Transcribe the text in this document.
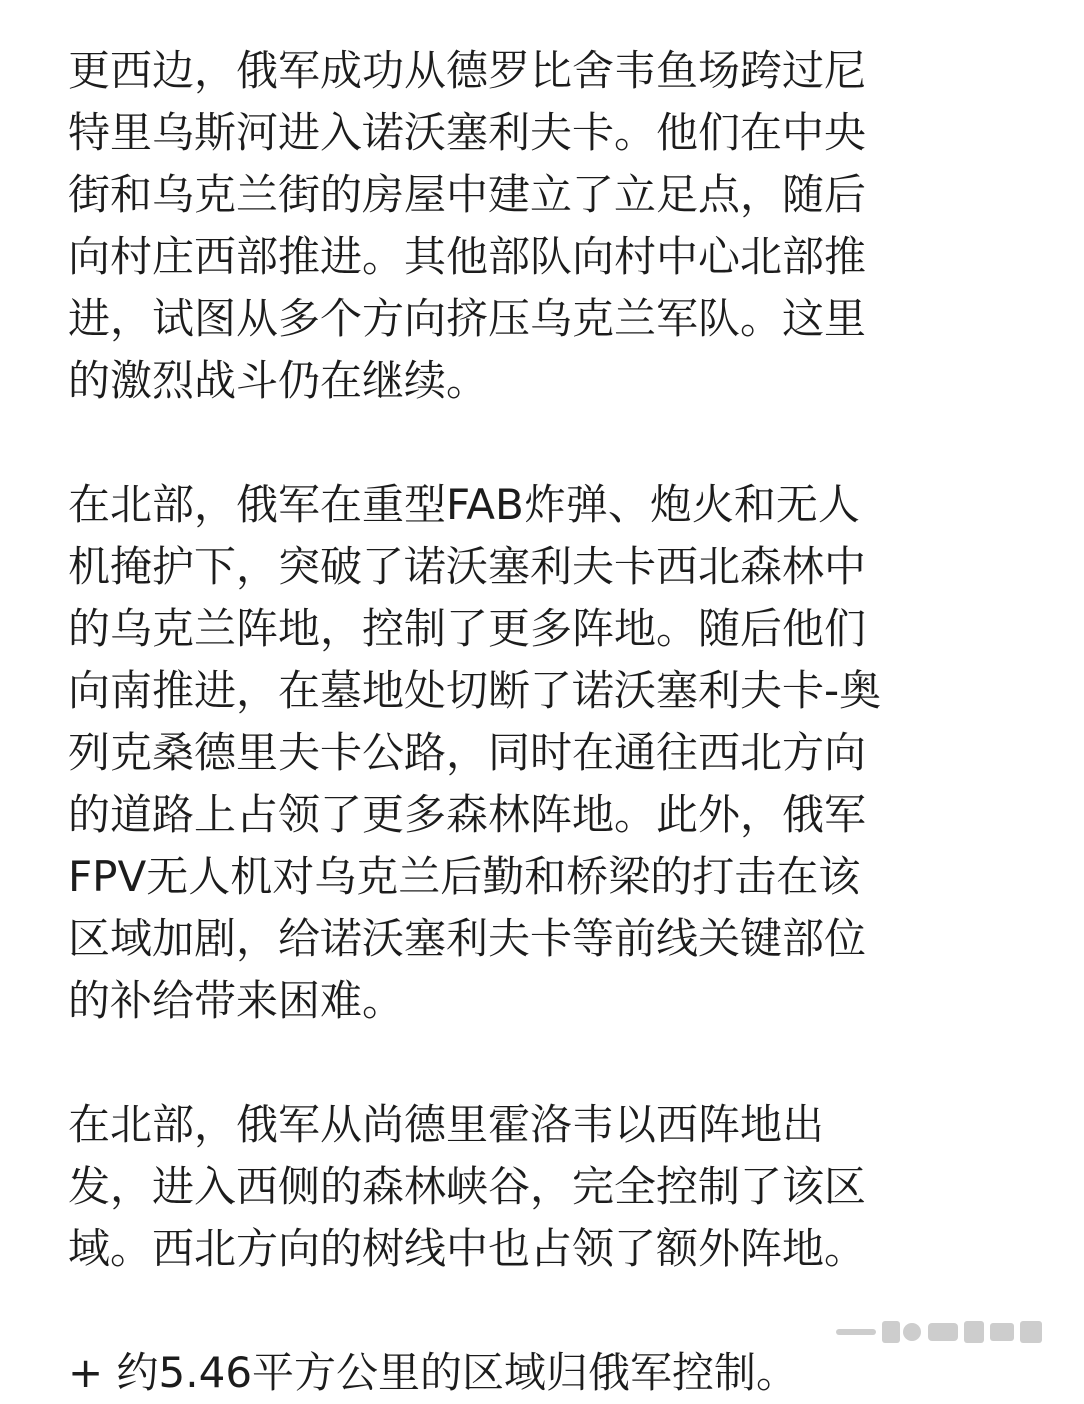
更西边，俄军成功从德罗比舍韦鱼场跨过尼
特里乌斯河进入诺沃塞利夫卡。他们在中央
街和乌克兰街的房屋中建立了立足点，随后
向村庄西部推进。其他部队向村中心北部推
进，试图从多个方向挤压乌克兰军队。这里
的激烈战斗仍在继续。
在北部，俄军在重型FAB炸弹、炮火和无人
机掩护下，突破了诺沃塞利夫卡西北森林中
的乌克兰阵地，控制了更多阵地。随后他们
向南推进，在墓地处切断了诺沃塞利夫卡-奥
列克桑德里夫卡公路，同时在通往西北方向
的道路上占领了更多森林阵地。此外，俄军
FPV无人机对乌克兰后勤和桥梁的打击在该
区域加剧，给诺沃塞利夫卡等前线关键部位
的补给带来困难。
在北部，俄军从尚德里霍洛韦以西阵地出
发，进入西侧的森林峡谷，完全控制了该区
域。西北方向的树线中也占领了额外阵地。
+ 约5.46平方公里的区域归俄军控制。
